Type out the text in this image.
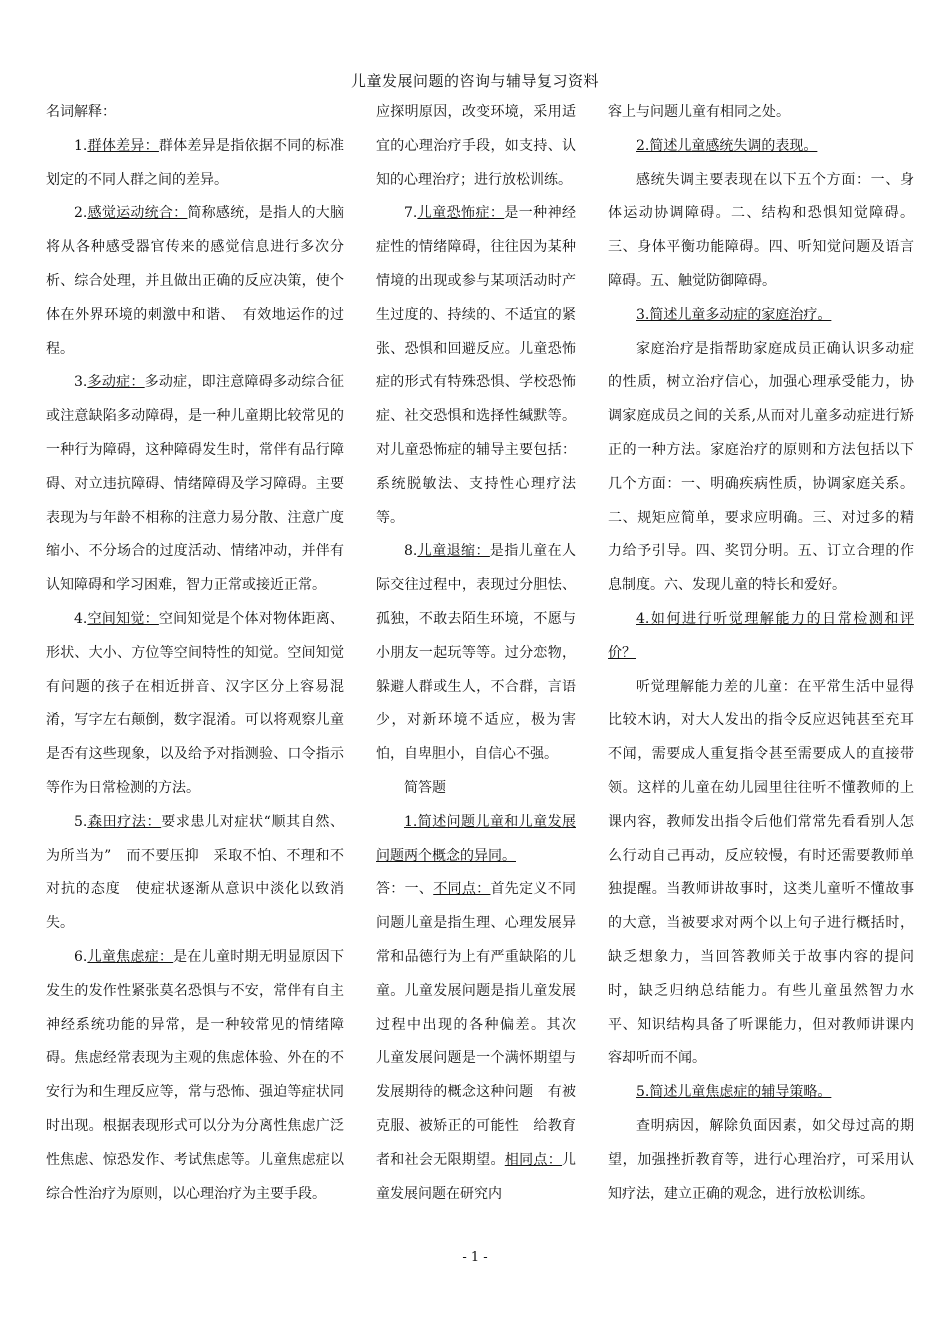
儿童发展问题的咨询与辅导复习资料

名词解释：

1.群体差异：群体差异是指依据不同的标准划定的不同人群之间的差异。

2.感觉运动统合：简称感统，是指人的大脑将从各种感受器官传来的感觉信息进行多次分析、综合处理，并且做出正确的反应决策，使个体在外界环境的刺激中和谐、　有效地运作的过程。

3.多动症：多动症，即注意障碍多动综合征或注意缺陷多动障碍，是一种儿童期比较常见的一种行为障碍，这种障碍发生时，常伴有品行障碍、对立违抗障碍、情绪障碍及学习障碍。主要表现为与年龄不相称的注意力易分散、注意广度缩小、不分场合的过度活动、情绪冲动，并伴有认知障碍和学习困难，智力正常或接近正常。

4.空间知觉：空间知觉是个体对物体距离、形状、大小、方位等空间特性的知觉。空间知觉有问题的孩子在相近拼音、汉字区分上容易混淆，写字左右颠倒，数字混淆。可以将观察儿童是否有这些现象，以及给予对指测验、口令指示等作为日常检测的方法。

5.森田疗法：要求患儿对症状“顺其自然、为所当为”　而不要压抑　采取不怕、不理和不对抗的态度　使症状逐渐从意识中淡化以致消失。

6.儿童焦虑症：是在儿童时期无明显原因下发生的发作性紧张莫名恐惧与不安，常伴有自主神经系统功能的异常，是一种较常见的情绪障碍。焦虑经常表现为主观的焦虑体验、外在的不安行为和生理反应等，常与恐怖、强迫等症状同时出现。根据表现形式可以分为分离性焦虑广泛性焦虑、惊恐发作、考试焦虑等。儿童焦虑症以综合性治疗为原则，以心理治疗为主要手段。

应探明原因，改变环境，采用适宜的心理治疗手段，如支持、认知的心理治疗；进行放松训练。

7.儿童恐怖症：是一种神经症性的情绪障碍，往往因为某种情境的出现或参与某项活动时产生过度的、持续的、不适宜的紧张、恐惧和回避反应。儿童恐怖症的形式有特殊恐惧、学校恐怖症、社交恐惧和选择性缄默等。对儿童恐怖症的辅导主要包括：系统脱敏法、支持性心理疗法等。

8.儿童退缩：是指儿童在人际交往过程中，表现过分胆怯、孤独，不敢去陌生环境，不愿与小朋友一起玩等等。过分恋物，躲避人群或生人，不合群，言语少，对新环境不适应，极为害怕，自卑胆小，自信心不强。

简答题

1.简述问题儿童和儿童发展问题两个概念的异同。

答：一、不同点：首先定义不同　问题儿童是指生理、心理发展异常和品德行为上有严重缺陷的儿童。儿童发展问题是指儿童发展过程中出现的各种偏差。其次　儿童发展问题是一个满怀期望与发展期待的概念这种问题　有被克服、被矫正的可能性　给教育者和社会无限期望。相同点：儿童发展问题在研究内

容上与问题儿童有相同之处。

2.简述儿童感统失调的表现。

感统失调主要表现在以下五个方面：一、身体运动协调障碍。二、结构和恐惧知觉障碍。三、身体平衡功能障碍。四、听知觉问题及语言障碍。五、触觉防御障碍。

3.简述儿童多动症的家庭治疗。

家庭治疗是指帮助家庭成员正确认识多动症的性质，树立治疗信心，加强心理承受能力，协调家庭成员之间的关系,从而对儿童多动症进行矫正的一种方法。家庭治疗的原则和方法包括以下几个方面：一、明确疾病性质，协调家庭关系。二、规矩应简单，要求应明确。三、对过多的精力给予引导。四、奖罚分明。五、订立合理的作息制度。六、发现儿童的特长和爱好。

4.如何进行听觉理解能力的日常检测和评价？

听觉理解能力差的儿童：在平常生活中显得比较木讷，对大人发出的指令反应迟钝甚至充耳不闻，需要成人重复指令甚至需要成人的直接带领。这样的儿童在幼儿园里往往听不懂教师的上课内容，教师发出指令后他们常常先看看别人怎么行动自己再动，反应较慢，有时还需要教师单独提醒。当教师讲故事时，这类儿童听不懂故事的大意，当被要求对两个以上句子进行概括时，缺乏想象力，当回答教师关于故事内容的提问时，缺乏归纳总结能力。有些儿童虽然智力水平、知识结构具备了听课能力，但对教师讲课内容却听而不闻。

5.简述儿童焦虑症的辅导策略。

查明病因，解除负面因素，如父母过高的期望，加强挫折教育等，进行心理治疗，可采用认知疗法，建立正确的观念，进行放松训练。

- 1 -
